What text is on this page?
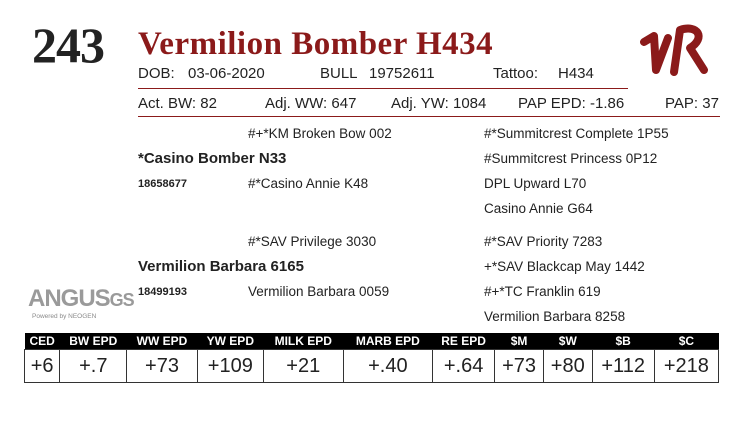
243 Vermilion Bomber H434
DOB: 03-06-2020	BULL 19752611	Tattoo: H434
Act. BW: 82	Adj. WW: 647 Adj. YW: 1084 PAP EPD: -1.86	PAP: 37
#+*KM Broken Bow 002	#*Summitcrest Complete 1P55
*Casino Bomber N33	#Summitcrest Princess 0P12
18658677	#*Casino Annie K48	DPL Upward L70
Casino Annie G64
#*SAV Privilege 3030	#*SAV Priority 7283
Vermilion Barbara 6165	+*SAV Blackcap May 1442
18499193	Vermilion Barbara 0059	#+*TC Franklin 619
Vermilion Barbara 8258
ANGUSGS
Powered by NEOGEN
CED	BW EPD	WW EPD	YW EPD	MILK EPD	MARB EPD	RE EPD	$M	$W	$B	$C
+6	+.7	+73	+109	+21	+.40	+.64	+73	+80	+112	+218
